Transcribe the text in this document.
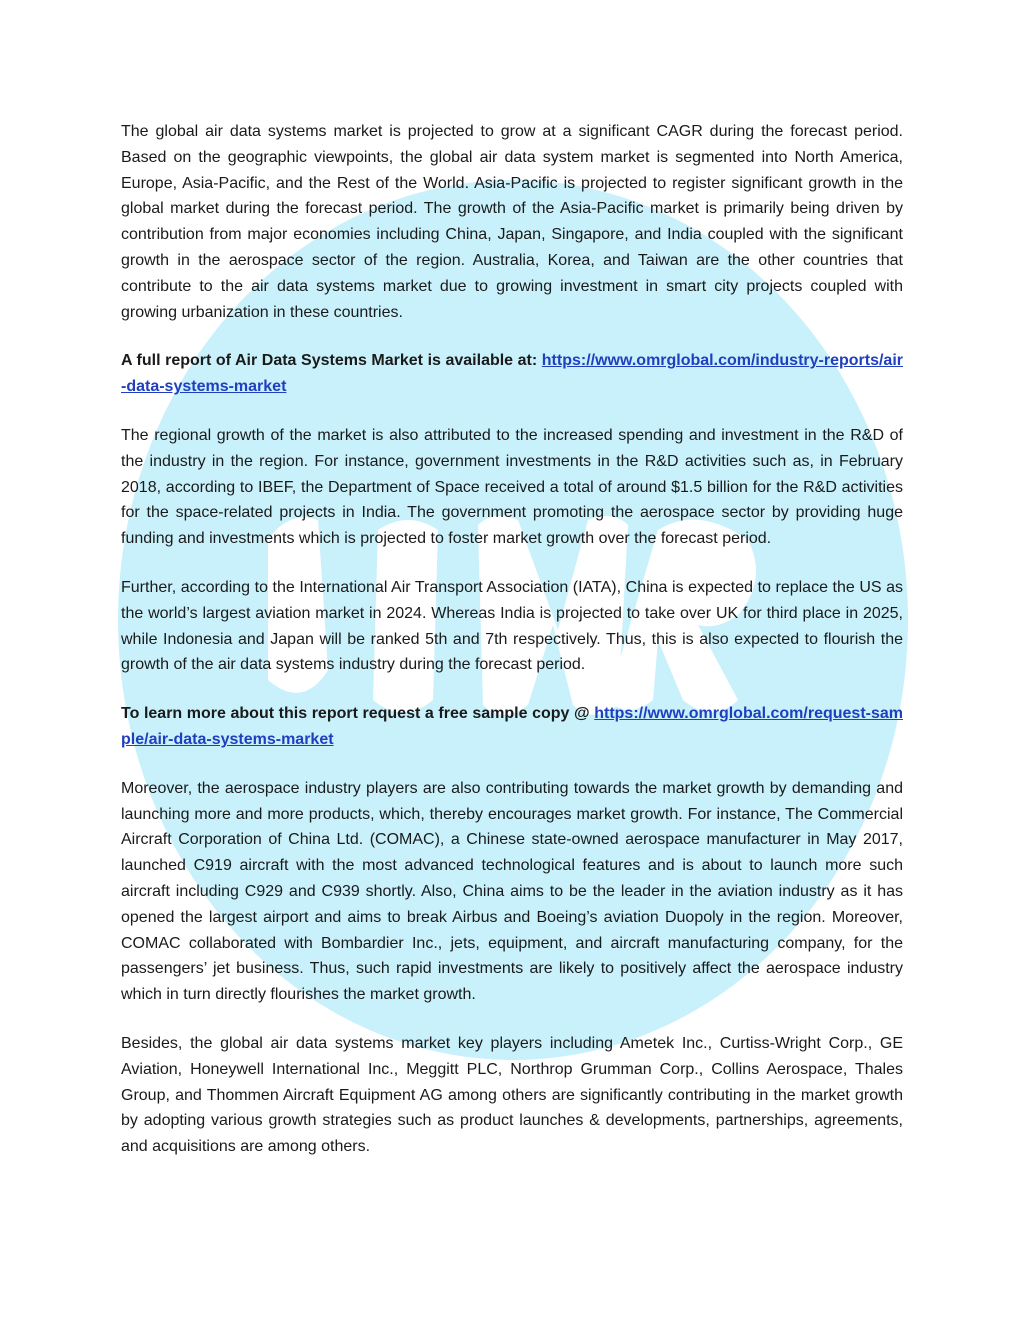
The global air data systems market is projected to grow at a significant CAGR during the forecast period. Based on the geographic viewpoints, the global air data system market is segmented into North America, Europe, Asia-Pacific, and the Rest of the World. Asia-Pacific is projected to register significant growth in the global market during the forecast period. The growth of the Asia-Pacific market is primarily being driven by contribution from major economies including China, Japan, Singapore, and India coupled with the significant growth in the aerospace sector of the region. Australia, Korea, and Taiwan are the other countries that contribute to the air data systems market due to growing investment in smart city projects coupled with growing urbanization in these countries.

A full report of Air Data Systems Market is available at: https://www.omrglobal.com/industry-reports/air-data-systems-market

The regional growth of the market is also attributed to the increased spending and investment in the R&D of the industry in the region. For instance, government investments in the R&D activities such as, in February 2018, according to IBEF, the Department of Space received a total of around $1.5 billion for the R&D activities for the space-related projects in India. The government promoting the aerospace sector by providing huge funding and investments which is projected to foster market growth over the forecast period.

Further, according to the International Air Transport Association (IATA), China is expected to replace the US as the world’s largest aviation market in 2024. Whereas India is projected to take over UK for third place in 2025, while Indonesia and Japan will be ranked 5th and 7th respectively. Thus, this is also expected to flourish the growth of the air data systems industry during the forecast period.

To learn more about this report request a free sample copy @ https://www.omrglobal.com/request-sample/air-data-systems-market

Moreover, the aerospace industry players are also contributing towards the market growth by demanding and launching more and more products, which, thereby encourages market growth. For instance, The Commercial Aircraft Corporation of China Ltd. (COMAC), a Chinese state-owned aerospace manufacturer in May 2017, launched C919 aircraft with the most advanced technological features and is about to launch more such aircraft including C929 and C939 shortly. Also, China aims to be the leader in the aviation industry as it has opened the largest airport and aims to break Airbus and Boeing’s aviation Duopoly in the region. Moreover, COMAC collaborated with Bombardier Inc., jets, equipment, and aircraft manufacturing company, for the passengers’ jet business. Thus, such rapid investments are likely to positively affect the aerospace industry which in turn directly flourishes the market growth.

Besides, the global air data systems market key players including Ametek Inc., Curtiss-Wright Corp., GE Aviation, Honeywell International Inc., Meggitt PLC, Northrop Grumman Corp., Collins Aerospace, Thales Group, and Thommen Aircraft Equipment AG among others are significantly contributing in the market growth by adopting various growth strategies such as product launches & developments, partnerships, agreements, and acquisitions are among others.
